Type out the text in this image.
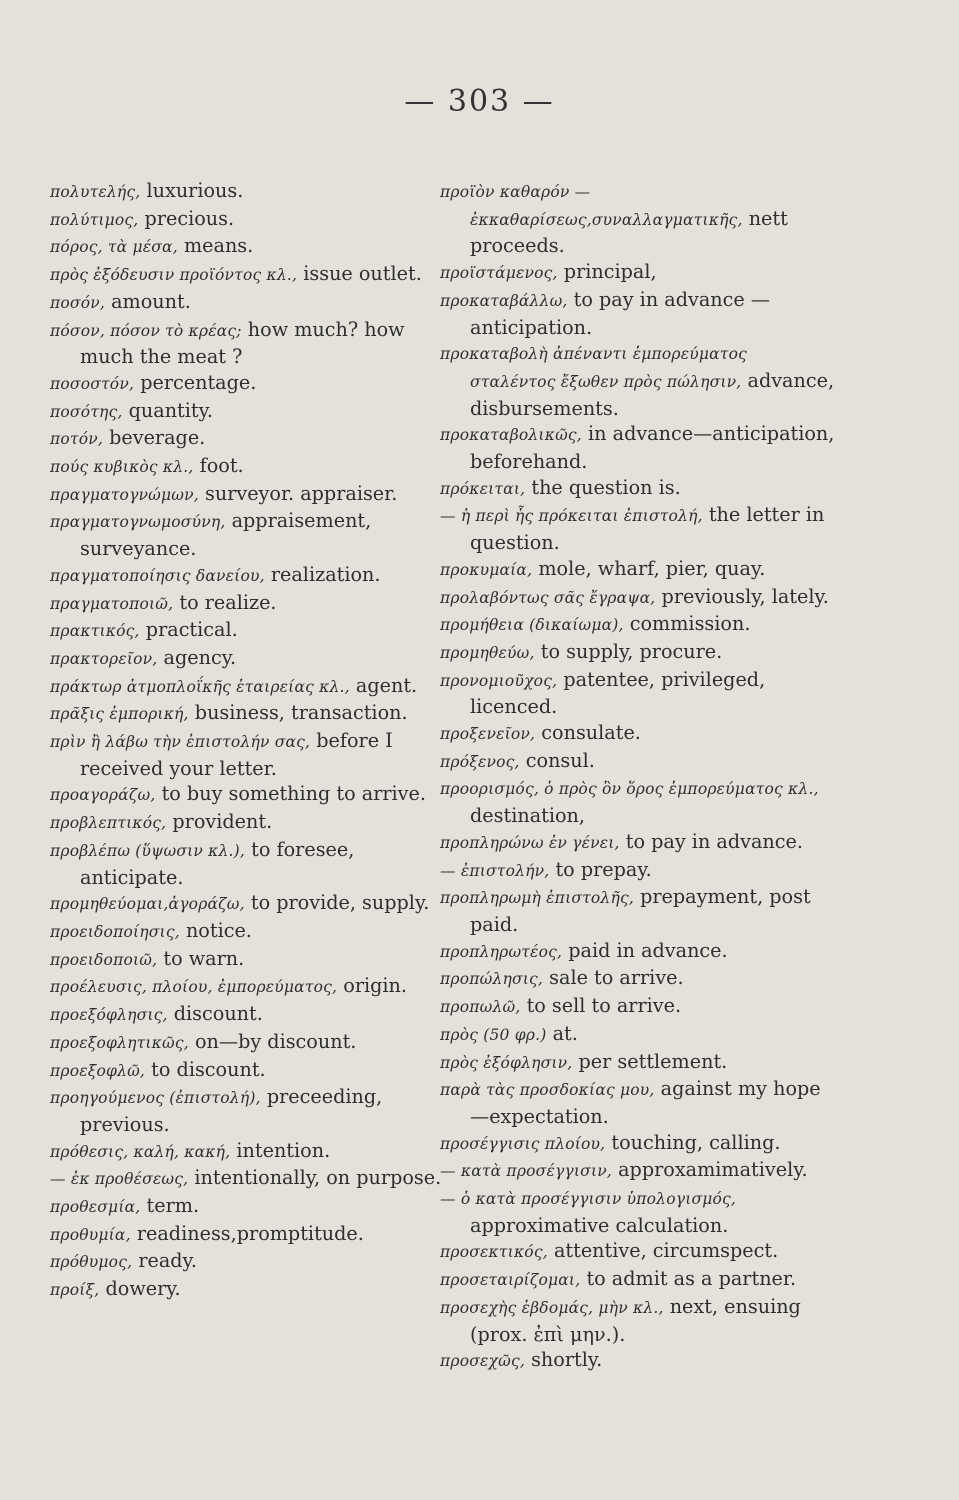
— 303 —

πολυτελής, luxurious.

πολύτιμος, precious.

πόρος, τὰ μέσα, means.

πρὸς ἐξόδευσιν προϊόντος κλ., issue outlet.

ποσόν, amount.

πόσον, πόσον τὸ κρέας; how much? how much the meat ?

ποσοστόν, percentage.

ποσότης, quantity.

ποτόν, beverage.

πούς κυβικὸς κλ., foot.

πραγματογνώμων, surveyor. appraiser.

πραγματογνωμοσύνη, appraisement, surveyance.

πραγματοποίησις δανείου, realization.

πραγματοποιῶ, to realize.

πρακτικός, practical.

πρακτορεῖον, agency.

πράκτωρ ἀτμοπλοΐκῆς ἑταιρείας κλ., agent.

πρᾶξις ἐμπορική, business, transaction.

πρὶν ἢ λάβω τὴν ἐπιστολήν σας, before I received your letter.

προαγοράζω, to buy something to arrive.

προβλεπτικός, provident.

προβλέπω (ὕψωσιν κλ.), to foresee, anticipate.

προμηθεύομαι,ἀγοράζω, to provide, supply.

προειδοποίησις, notice.

προειδοποιῶ, to warn.

προέλευσις, πλοίου, ἐμπορεύματος, origin.

προεξόφλησις, discount.

προεξοφλητικῶς, on—by discount.

προεξοφλῶ, to discount.

προηγούμενος (ἐπιστολή), preceeding, previous.

πρόθεσις, καλή, κακή, intention.

— ἐκ προθέσεως, intentionally, on purpose.

προθεσμία, term.

προθυμία, readiness,promptitude.

πρόθυμος, ready.

προίξ, dowery.

προϊὸν καθαρόν — ἐκκαθαρίσεως,συναλλαγματικῆς, nett proceeds.

προϊστάμενος, principal,

προκαταβάλλω, to pay in advance —anticipation.

προκαταβολὴ ἀπέναντι ἐμπορεύματος σταλέντος ἔξωθεν πρὸς πώλησιν, advance, disbursements.

προκαταβολικῶς, in advance—anticipation, beforehand.

πρόκειται, the question is.

— ἡ περὶ ἧς πρόκειται ἐπιστολή, the letter in question.

προκυμαία, mole, wharf, pier, quay.

προλαβόντως σᾶς ἔγραψα, previously, lately.

προμήθεια (δικαίωμα), commission.

προμηθεύω, to supply, procure.

προνομιοῦχος, patentee, privileged, licenced.

προξενεῖον, consulate.

πρόξενος, consul.

προορισμός, ὁ πρὸς ὃν ὅρος ἐμπορεύματος κλ., destination,

προπληρώνω ἐν γένει, to pay in advance.

— ἐπιστολήν, to prepay.

προπληρωμὴ ἐπιστολῆς, prepayment, post paid.

προπληρωτέος, paid in advance.

προπώλησις, sale to arrive.

προπωλῶ, to sell to arrive.

πρὸς (50 φρ.) at.

πρὸς ἐξόφλησιν, per settlement.

παρὰ τὰς προσδοκίας μου, against my hope—expectation.

προσέγγισις πλοίου, touching, calling.

— κατὰ προσέγγισιν, approxamimatively.

— ὁ κατὰ προσέγγισιν ὑπολογισμός, approximative calculation.

προσεκτικός, attentive, circumspect.

προσεταιρίζομαι, to admit as a partner.

προσεχὴς ἑβδομάς, μὴν κλ., next, ensuing (prox. ἐπὶ μην.).

προσεχῶς, shortly.
